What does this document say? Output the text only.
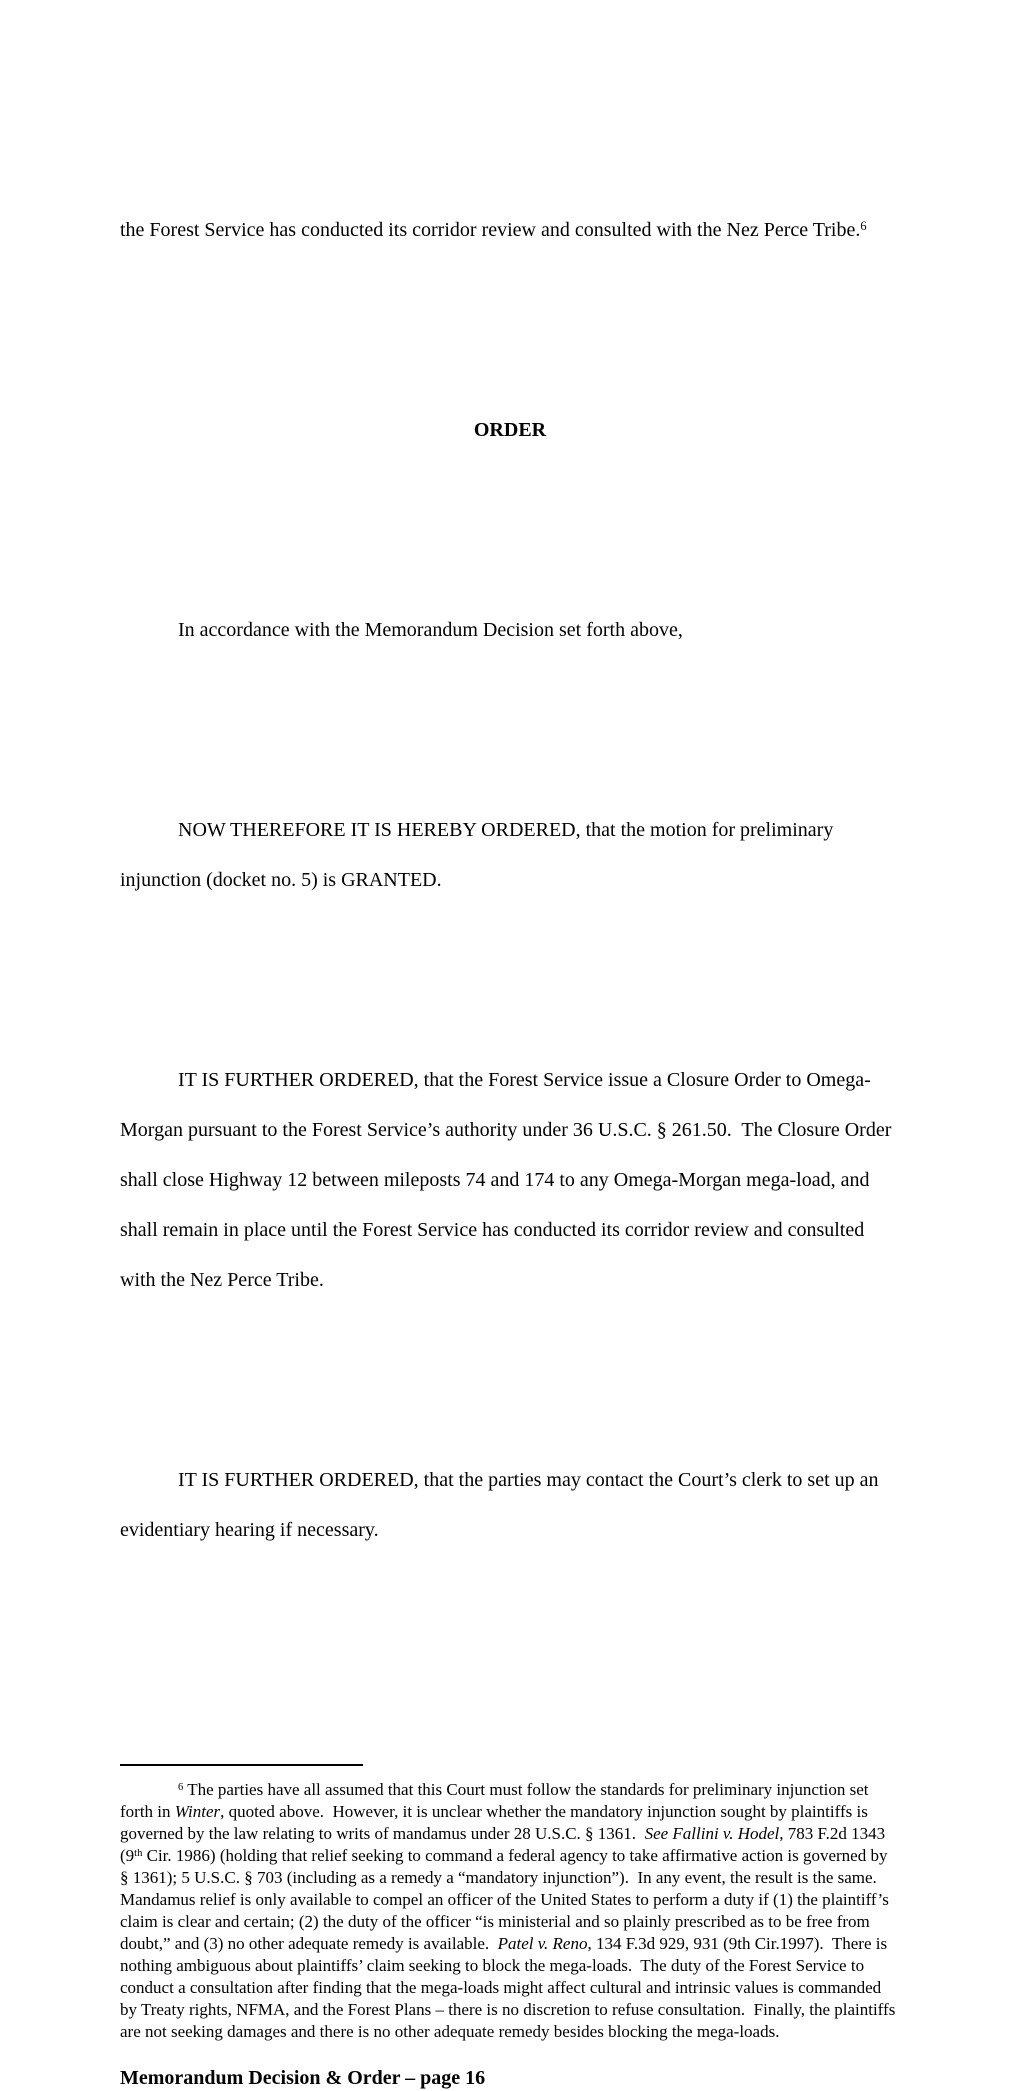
the Forest Service has conducted its corridor review and consulted with the Nez Perce Tribe.$^6$

ORDER

In accordance with the Memorandum Decision set forth above,

NOW THEREFORE IT IS HEREBY ORDERED, that the motion for preliminary injunction (docket no. 5) is GRANTED.

IT IS FURTHER ORDERED, that the Forest Service issue a Closure Order to Omega-Morgan pursuant to the Forest Service’s authority under 36 U.S.C. § 261.50.  The Closure Order shall close Highway 12 between mileposts 74 and 174 to any Omega-Morgan mega-load, and shall remain in place until the Forest Service has conducted its corridor review and consulted with the Nez Perce Tribe.

IT IS FURTHER ORDERED, that the parties may contact the Court’s clerk to set up an evidentiary hearing if necessary.

$^6$ The parties have all assumed that this Court must follow the standards for preliminary injunction set forth in Winter, quoted above.  However, it is unclear whether the mandatory injunction sought by plaintiffs is governed by the law relating to writs of mandamus under 28 U.S.C. § 1361.  See Fallini v. Hodel, 783 F.2d 1343 (9th Cir. 1986) (holding that relief seeking to command a federal agency to take affirmative action is governed by § 1361); 5 U.S.C. § 703 (including as a remedy a “mandatory injunction”).  In any event, the result is the same.  Mandamus relief is only available to compel an officer of the United States to perform a duty if (1) the plaintiff’s claim is clear and certain; (2) the duty of the officer “is ministerial and so plainly prescribed as to be free from doubt,” and (3) no other adequate remedy is available.  Patel v. Reno, 134 F.3d 929, 931 (9th Cir.1997).  There is nothing ambiguous about plaintiffs’ claim seeking to block the mega-loads.  The duty of the Forest Service to conduct a consultation after finding that the mega-loads might affect cultural and intrinsic values is commanded by Treaty rights, NFMA, and the Forest Plans – there is no discretion to refuse consultation.  Finally, the plaintiffs are not seeking damages and there is no other adequate remedy besides blocking the mega-loads.
Memorandum Decision & Order – page 16
